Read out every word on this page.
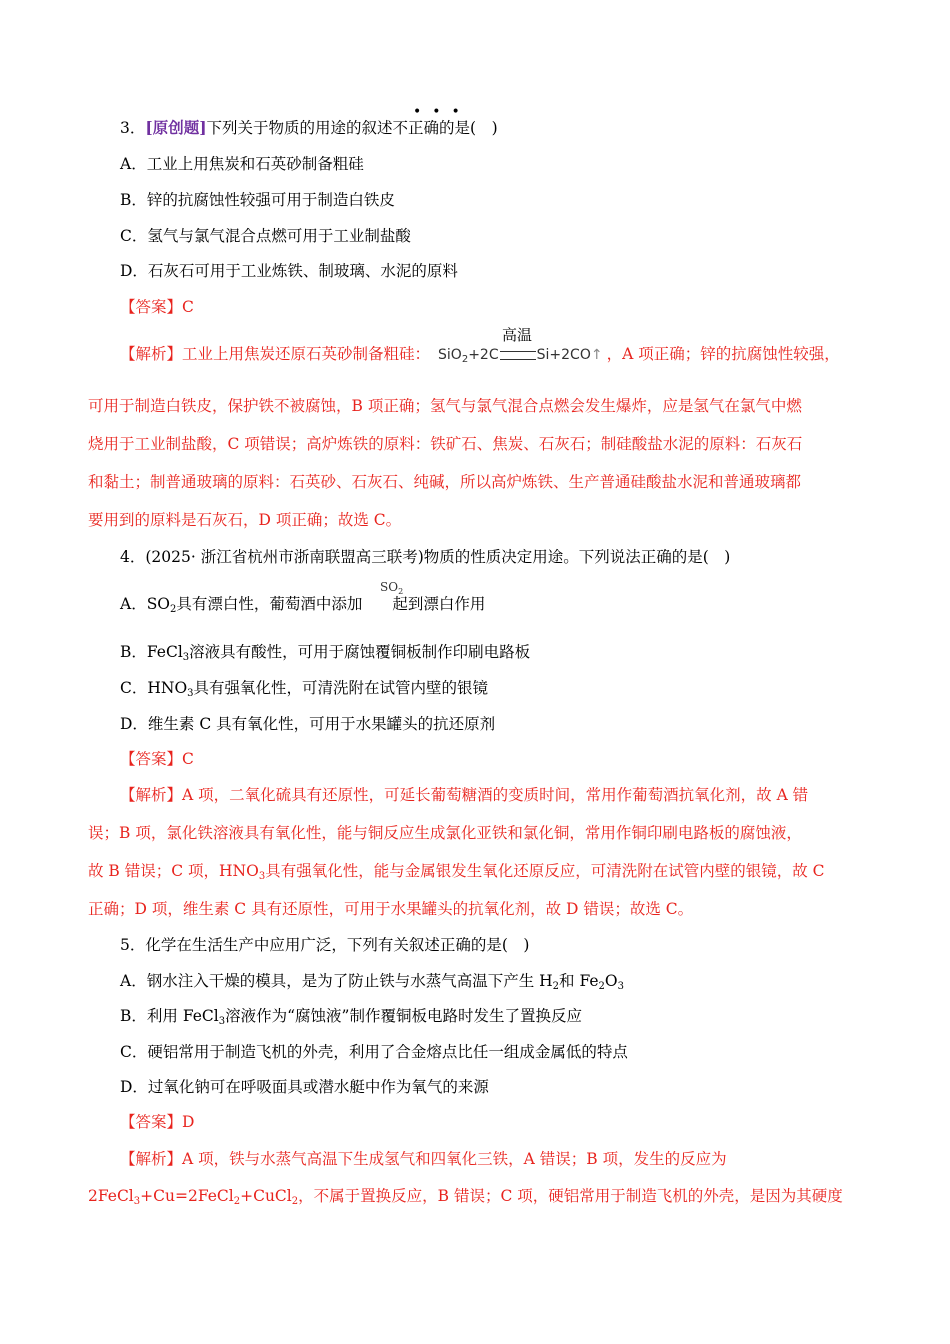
•••
3．[原创题]下列关于物质的用途的叙述不正确的是(　)
A．工业上用焦炭和石英砂制备粗硅
B．锌的抗腐蚀性较强可用于制造白铁皮
C．氢气与氯气混合点燃可用于工业制盐酸
D．石灰石可用于工业炼铁、制玻璃、水泥的原料
【答案】C
【解析】工业上用焦炭还原石英砂制备粗硅： SiO$_2$+2C
高温
Si+2CO↑ ，A 项正确；锌的抗腐蚀性较强，
可用于制造白铁皮，保护铁不被腐蚀，B 项正确；氢气与氯气混合点燃会发生爆炸，应是氢气在氯气中燃
烧用于工业制盐酸，C 项错误；高炉炼铁的原料：铁矿石、焦炭、石灰石；制硅酸盐水泥的原料：石灰石
和黏土；制普通玻璃的原料：石英砂、石灰石、纯碱，所以高炉炼铁、生产普通硅酸盐水泥和普通玻璃都
要用到的原料是石灰石，D 项正确；故选 C。
4．(2025· 浙江省杭州市浙南联盟高三联考)物质的性质决定用途。下列说法正确的是(　)
$SO_2$
A．$SO_2$具有漂白性，葡萄酒中添加 起到漂白作用
B．FeCl$_3$溶液具有酸性，可用于腐蚀覆铜板制作印刷电路板
C．$HNO_3$具有强氧化性，可清洗附在试管内壁的银镜
D．维生素 C 具有氧化性，可用于水果罐头的抗还原剂
【答案】C
【解析】A 项，二氧化硫具有还原性，可延长葡萄糖酒的变质时间，常用作葡萄酒抗氧化剂，故 A 错
误；B 项，氯化铁溶液具有氧化性，能与铜反应生成氯化亚铁和氯化铜，常用作铜印刷电路板的腐蚀液，
故 B 错误；C 项，$HNO_3$具有强氧化性，能与金属银发生氧化还原反应，可清洗附在试管内壁的银镜，故 C
正确；D 项，维生素 C 具有还原性，可用于水果罐头的抗氧化剂，故 D 错误；故选 C。
5．化学在生活生产中应用广泛，下列有关叙述正确的是(　)
A．钢水注入干燥的模具，是为了防止铁与水蒸气高温下产生 $H_2$和 $Fe_2O_3$
B．利用 FeCl$_3$溶液作为“腐蚀液”制作覆铜板电路时发生了置换反应
C．硬铝常用于制造飞机的外壳，利用了合金熔点比任一组成金属低的特点
D．过氧化钠可在呼吸面具或潜水艇中作为氧气的来源
【答案】D
【解析】A 项，铁与水蒸气高温下生成氢气和四氧化三铁，A 错误；B 项，发生的反应为
2FeCl$_3$+Cu=2FeCl$_2$+CuCl$_2$，不属于置换反应，B 错误；C 项，硬铝常用于制造飞机的外壳，是因为其硬度
